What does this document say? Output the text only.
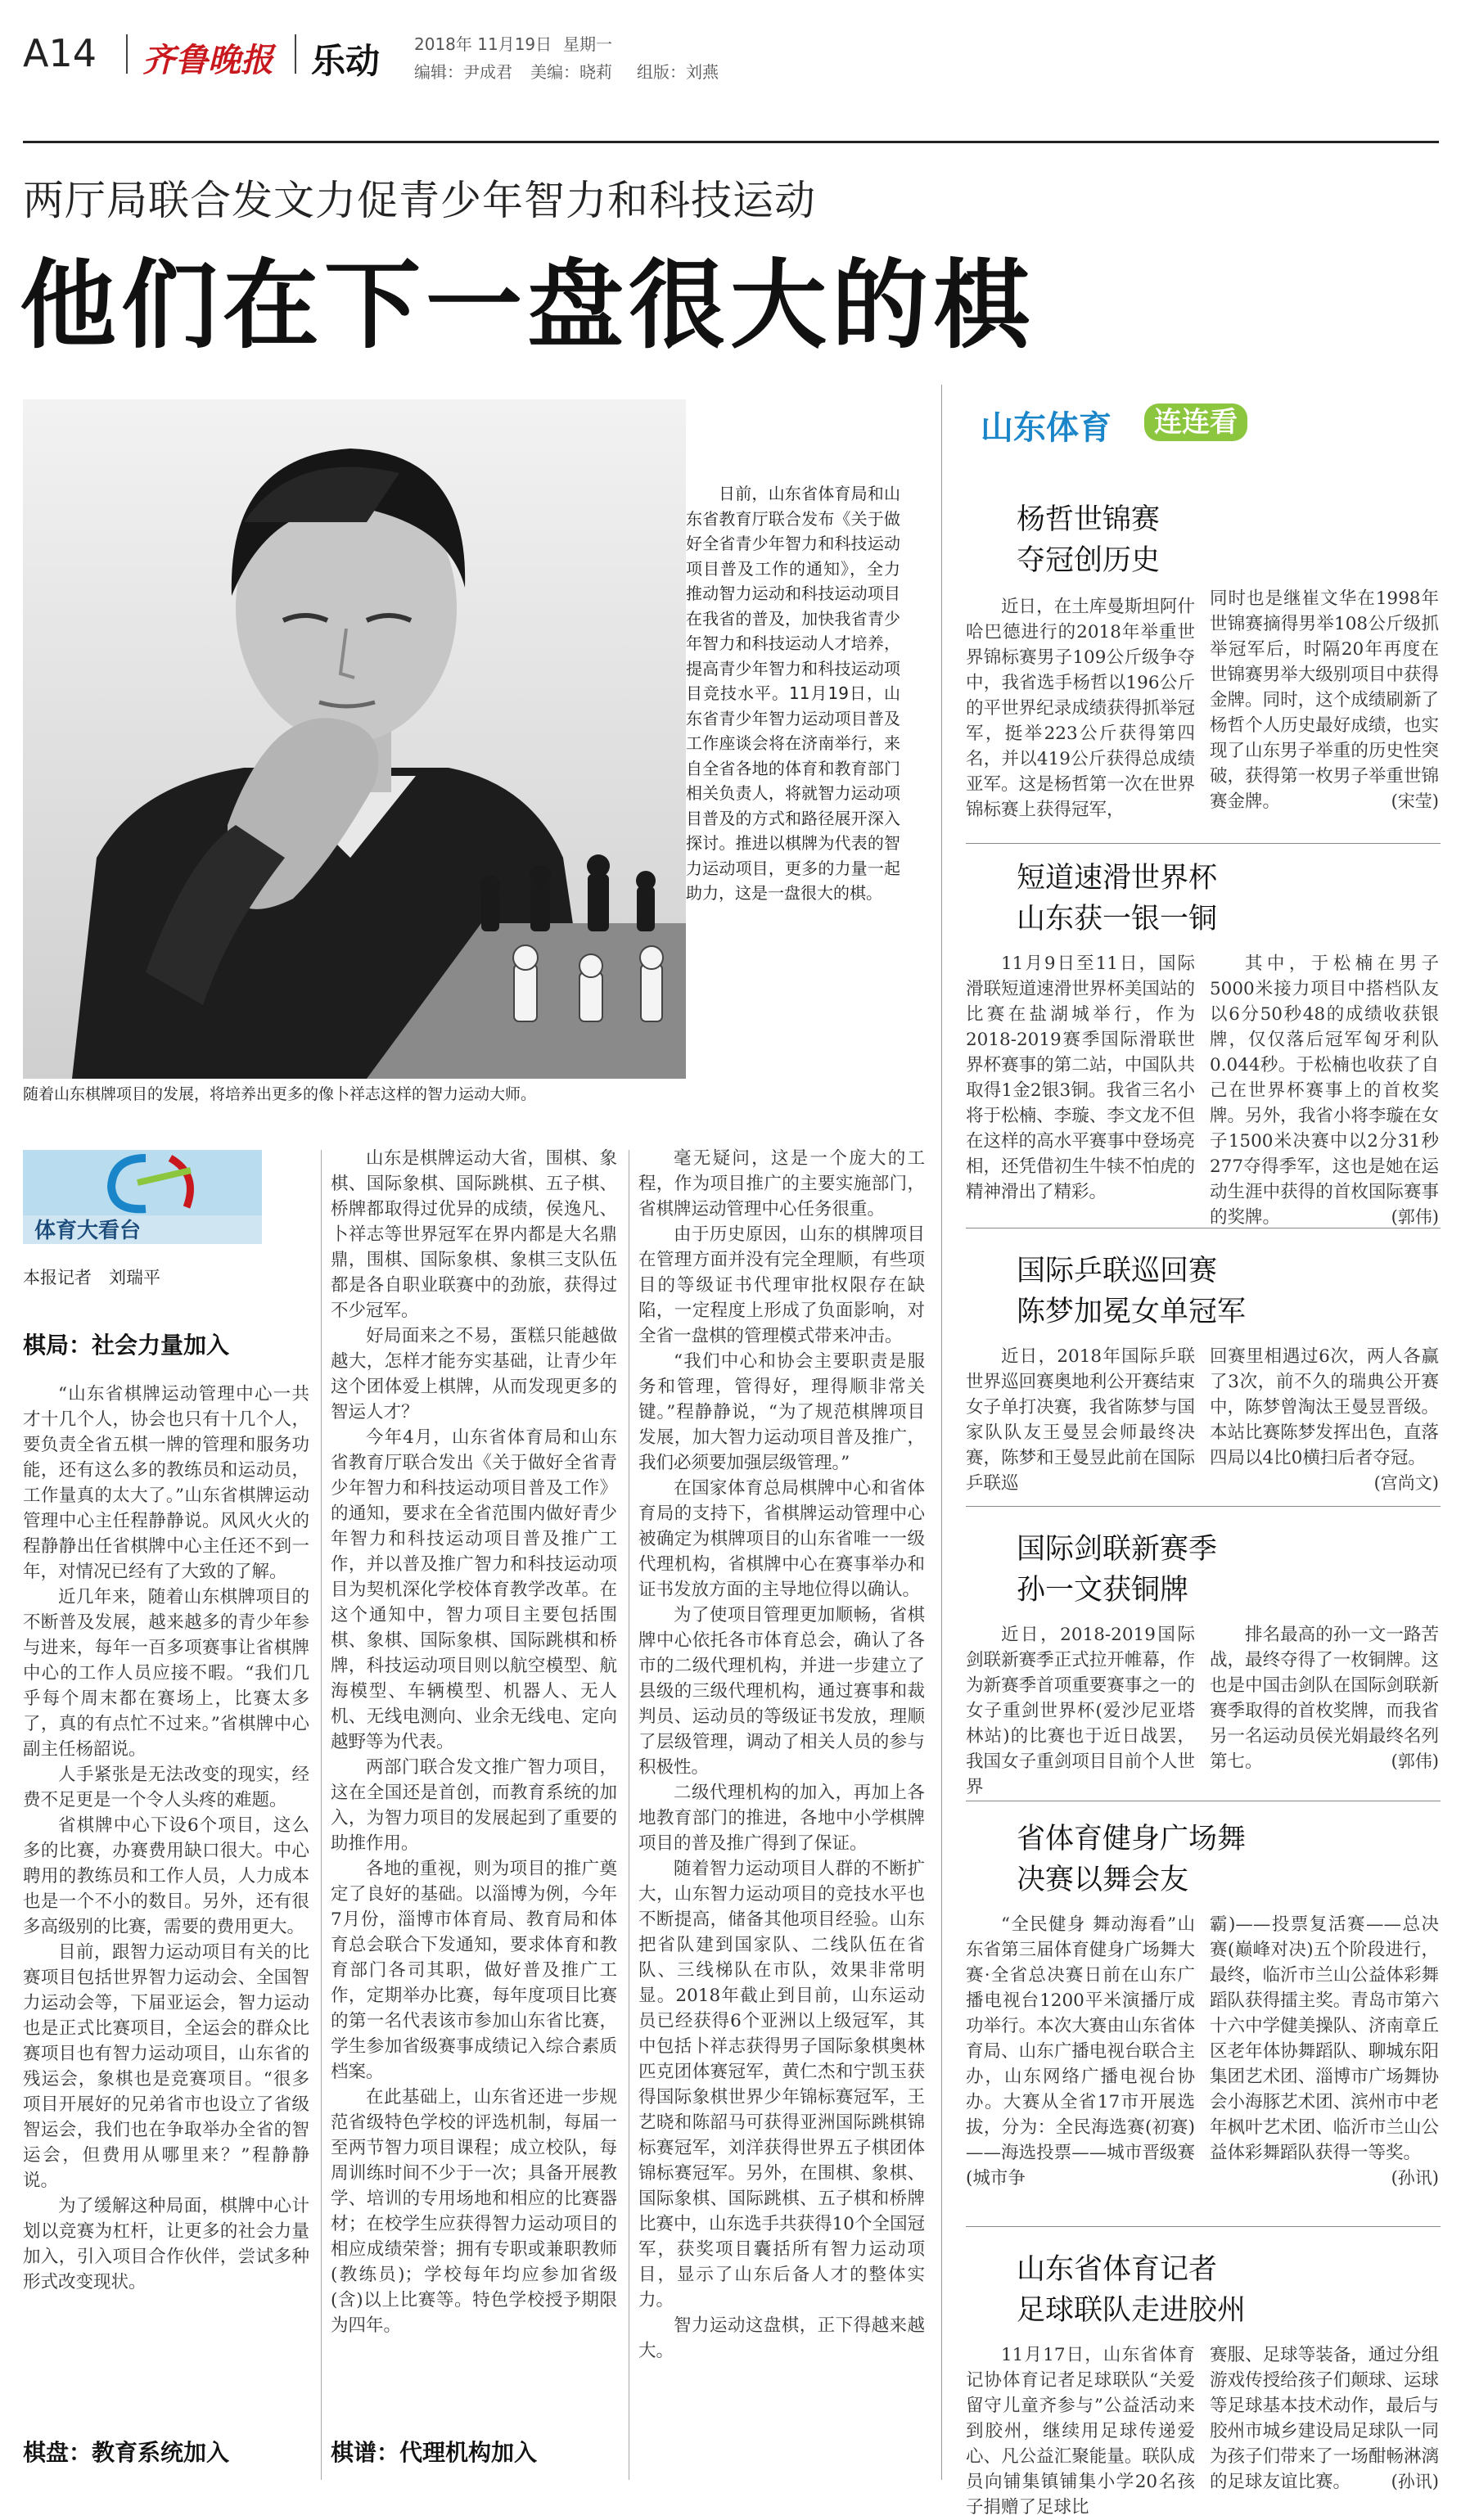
A14 齐鲁晚报 乐动 2018年 11月19日 星期一
编辑：尹成君 美编：晓莉 组版：刘燕
两厅局联合发文力促青少年智力和科技运动
他们在下一盘很大的棋
日前，山东省体育局和山东省教育厅联合发布《关于做好全省青少年智力和科技运动项目普及工作的通知》，全力推动智力运动和科技运动项目在我省的普及，加快我省青少年智力和科技运动人才培养，提高青少年智力和科技运动项目竞技水平。11月19日，山东省青少年智力运动项目普及工作座谈会将在济南举行，来自全省各地的体育和教育部门相关负责人，将就智力运动项目普及的方式和路径展开深入探讨。推进以棋牌为代表的智力运动项目，更多的力量一起助力，这是一盘很大的棋。
随着山东棋牌项目的发展，将培养出更多的像卜祥志这样的智力运动大师。
体育大看台
本报记者　刘瑞平
棋局：社会力量加入

“山东省棋牌运动管理中心一共才十几个人，协会也只有十几个人，要负责全省五棋一牌的管理和服务功能，还有这么多的教练员和运动员，工作量真的太大了。”山东省棋牌运动管理中心主任程静静说。风风火火的程静静出任省棋牌中心主任还不到一年，对情况已经有了大致的了解。

近几年来，随着山东棋牌项目的不断普及发展，越来越多的青少年参与进来，每年一百多项赛事让省棋牌中心的工作人员应接不暇。“我们几乎每个周末都在赛场上，比赛太多了，真的有点忙不过来。”省棋牌中心副主任杨韶说。

人手紧张是无法改变的现实，经费不足更是一个令人头疼的难题。

省棋牌中心下设6个项目，这么多的比赛，办赛费用缺口很大。中心聘用的教练员和工作人员，人力成本也是一个不小的数目。另外，还有很多高级别的比赛，需要的费用更大。

目前，跟智力运动项目有关的比赛项目包括世界智力运动会、全国智力运动会等，下届亚运会，智力运动也是正式比赛项目，全运会的群众比赛项目也有智力运动项目，山东省的残运会，象棋也是竞赛项目。“很多项目开展好的兄弟省市也设立了省级智运会，我们也在争取举办全省的智运会，但费用从哪里来？”程静静说。

为了缓解这种局面，棋牌中心计划以竞赛为杠杆，让更多的社会力量加入，引入项目合作伙伴，尝试多种形式改变现状。

棋盘：教育系统加入

山东是棋牌运动大省，围棋、象棋、国际象棋、国际跳棋、五子棋、桥牌都取得过优异的成绩，侯逸凡、卜祥志等世界冠军在界内都是大名鼎鼎，围棋、国际象棋、象棋三支队伍都是各自职业联赛中的劲旅，获得过不少冠军。

好局面来之不易，蛋糕只能越做越大，怎样才能夯实基础，让青少年这个团体爱上棋牌，从而发现更多的智运人才？

今年4月，山东省体育局和山东省教育厅联合发出《关于做好全省青少年智力和科技运动项目普及工作》的通知，要求在全省范围内做好青少年智力和科技运动项目普及推广工作，并以普及推广智力和科技运动项目为契机深化学校体育教学改革。在这个通知中，智力项目主要包括围棋、象棋、国际象棋、国际跳棋和桥牌，科技运动项目则以航空模型、航海模型、车辆模型、机器人、无人机、无线电测向、业余无线电、定向越野等为代表。

两部门联合发文推广智力项目，这在全国还是首创，而教育系统的加入，为智力项目的发展起到了重要的助推作用。

各地的重视，则为项目的推广奠定了良好的基础。以淄博为例，今年7月份，淄博市体育局、教育局和体育总会联合下发通知，要求体育和教育部门各司其职，做好普及推广工作，定期举办比赛，每年度项目比赛的第一名代表该市参加山东省比赛，学生参加省级赛事成绩记入综合素质档案。

在此基础上，山东省还进一步规范省级特色学校的评选机制，每届一至两节智力项目课程；成立校队，每周训练时间不少于一次；具备开展教学、培训的专用场地和相应的比赛器材；在校学生应获得智力运动项目的相应成绩荣誉；拥有专职或兼职教师(教练员)；学校每年均应参加省级(含)以上比赛等。特色学校授予期限为四年。

棋谱：代理机构加入

毫无疑问，这是一个庞大的工程，作为项目推广的主要实施部门，省棋牌运动管理中心任务很重。

由于历史原因，山东的棋牌项目在管理方面并没有完全理顺，有些项目的等级证书代理审批权限存在缺陷，一定程度上形成了负面影响，对全省一盘棋的管理模式带来冲击。

“我们中心和协会主要职责是服务和管理，管得好，理得顺非常关键。”程静静说，“为了规范棋牌项目发展，加大智力运动项目普及推广，我们必须要加强层级管理。”

在国家体育总局棋牌中心和省体育局的支持下，省棋牌运动管理中心被确定为棋牌项目的山东省唯一一级代理机构，省棋牌中心在赛事举办和证书发放方面的主导地位得以确认。

为了使项目管理更加顺畅，省棋牌中心依托各市体育总会，确认了各市的二级代理机构，并进一步建立了县级的三级代理机构，通过赛事和裁判员、运动员的等级证书发放，理顺了层级管理，调动了相关人员的参与积极性。

二级代理机构的加入，再加上各地教育部门的推进，各地中小学棋牌项目的普及推广得到了保证。

随着智力运动项目人群的不断扩大，山东智力运动项目的竞技水平也不断提高，储备其他项目经验。山东把省队建到国家队、二线队伍在省队、三线梯队在市队，效果非常明显。2018年截止到目前，山东运动员已经获得6个亚洲以上级冠军，其中包括卜祥志获得男子国际象棋奥林匹克团体赛冠军，黄仁杰和宁凯玉获得国际象棋世界少年锦标赛冠军，王艺晓和陈韶马可获得亚洲国际跳棋锦标赛冠军，刘洋获得世界五子棋团体锦标赛冠军。另外，在围棋、象棋、国际象棋、国际跳棋、五子棋和桥牌比赛中，山东选手共获得10个全国冠军，获奖项目囊括所有智力运动项目，显示了山东后备人才的整体实力。

智力运动这盘棋，正下得越来越大。

山东体育	连连看
杨哲世锦赛
夺冠创历史
近日，在土库曼斯坦阿什哈巴德进行的2018年举重世界锦标赛男子109公斤级争夺中，我省选手杨哲以196公斤的平世界纪录成绩获得抓举冠军，挺举223公斤获得第四名，并以419公斤获得总成绩亚军。这是杨哲第一次在世界锦标赛上获得冠军，
同时也是继崔文华在1998年世锦赛摘得男举108公斤级抓举冠军后，时隔20年再度在世锦赛男举大级别项目中获得金牌。同时，这个成绩刷新了杨哲个人历史最好成绩，也实现了山东男子举重的历史性突破，获得第一枚男子举重世锦赛金牌。	(宋莹)
短道速滑世界杯
山东获一银一铜
11月9日至11日，国际滑联短道速滑世界杯美国站的比赛在盐湖城举行，作为2018-2019赛季国际滑联世界杯赛事的第二站，中国队共取得1金2银3铜。我省三名小将于松楠、李璇、李文龙不但在这样的高水平赛事中登场亮相，还凭借初生牛犊不怕虎的精神滑出了精彩。
其中，于松楠在男子5000米接力项目中搭档队友以6分50秒48的成绩收获银牌，仅仅落后冠军匈牙利队0.044秒。于松楠也收获了自己在世界杯赛事上的首枚奖牌。另外，我省小将李璇在女子1500米决赛中以2分31秒277夺得季军，这也是她在运动生涯中获得的首枚国际赛事的奖牌。	(郭伟)
国际乒联巡回赛
陈梦加冕女单冠军
近日，2018年国际乒联世界巡回赛奥地利公开赛结束女子单打决赛，我省陈梦与国家队队友王曼昱会师最终决赛，陈梦和王曼昱此前在国际乒联巡
回赛里相遇过6次，两人各赢了3次，前不久的瑞典公开赛中，陈梦曾淘汰王曼昱晋级。本站比赛陈梦发挥出色，直落四局以4比0横扫后者夺冠。
(宫尚文)
国际剑联新赛季
孙一文获铜牌
近日，2018-2019国际剑联新赛季正式拉开帷幕，作为新赛季首项重要赛事之一的女子重剑世界杯(爱沙尼亚塔林站)的比赛也于近日战罢，我国女子重剑项目目前个人世界
排名最高的孙一文一路苦战，最终夺得了一枚铜牌。这也是中国击剑队在国际剑联新赛季取得的首枚奖牌，而我省另一名运动员侯光娟最终名列第七。	(郭伟)
省体育健身广场舞
决赛以舞会友
“全民健身 舞动海看”山东省第三届体育健身广场舞大赛·全省总决赛日前在山东广播电视台1200平米演播厅成功举行。本次大赛由山东省体育局、山东广播电视台联合主办，山东网络广播电视台协办。大赛从全省17市开展选拔，分为：全民海选赛(初赛)——海选投票——城市晋级赛(城市争
霸)——投票复活赛——总决赛(巅峰对决)五个阶段进行，最终，临沂市兰山公益体彩舞蹈队获得擂主奖。青岛市第六十六中学健美操队、济南章丘区老年体协舞蹈队、聊城东阳集团艺术团、淄博市广场舞协会小海豚艺术团、滨州市中老年枫叶艺术团、临沂市兰山公益体彩舞蹈队获得一等奖。
(孙讯)
山东省体育记者
足球联队走进胶州
11月17日，山东省体育记协体育记者足球联队“关爱留守儿童齐参与”公益活动来到胶州，继续用足球传递爱心、凡公益汇聚能量。联队成员向铺集镇铺集小学20名孩子捐赠了足球比
赛服、足球等装备，通过分组游戏传授给孩子们颠球、运球等足球基本技术动作，最后与胶州市城乡建设局足球队一同为孩子们带来了一场酣畅淋漓的足球友谊比赛。 (孙讯)
